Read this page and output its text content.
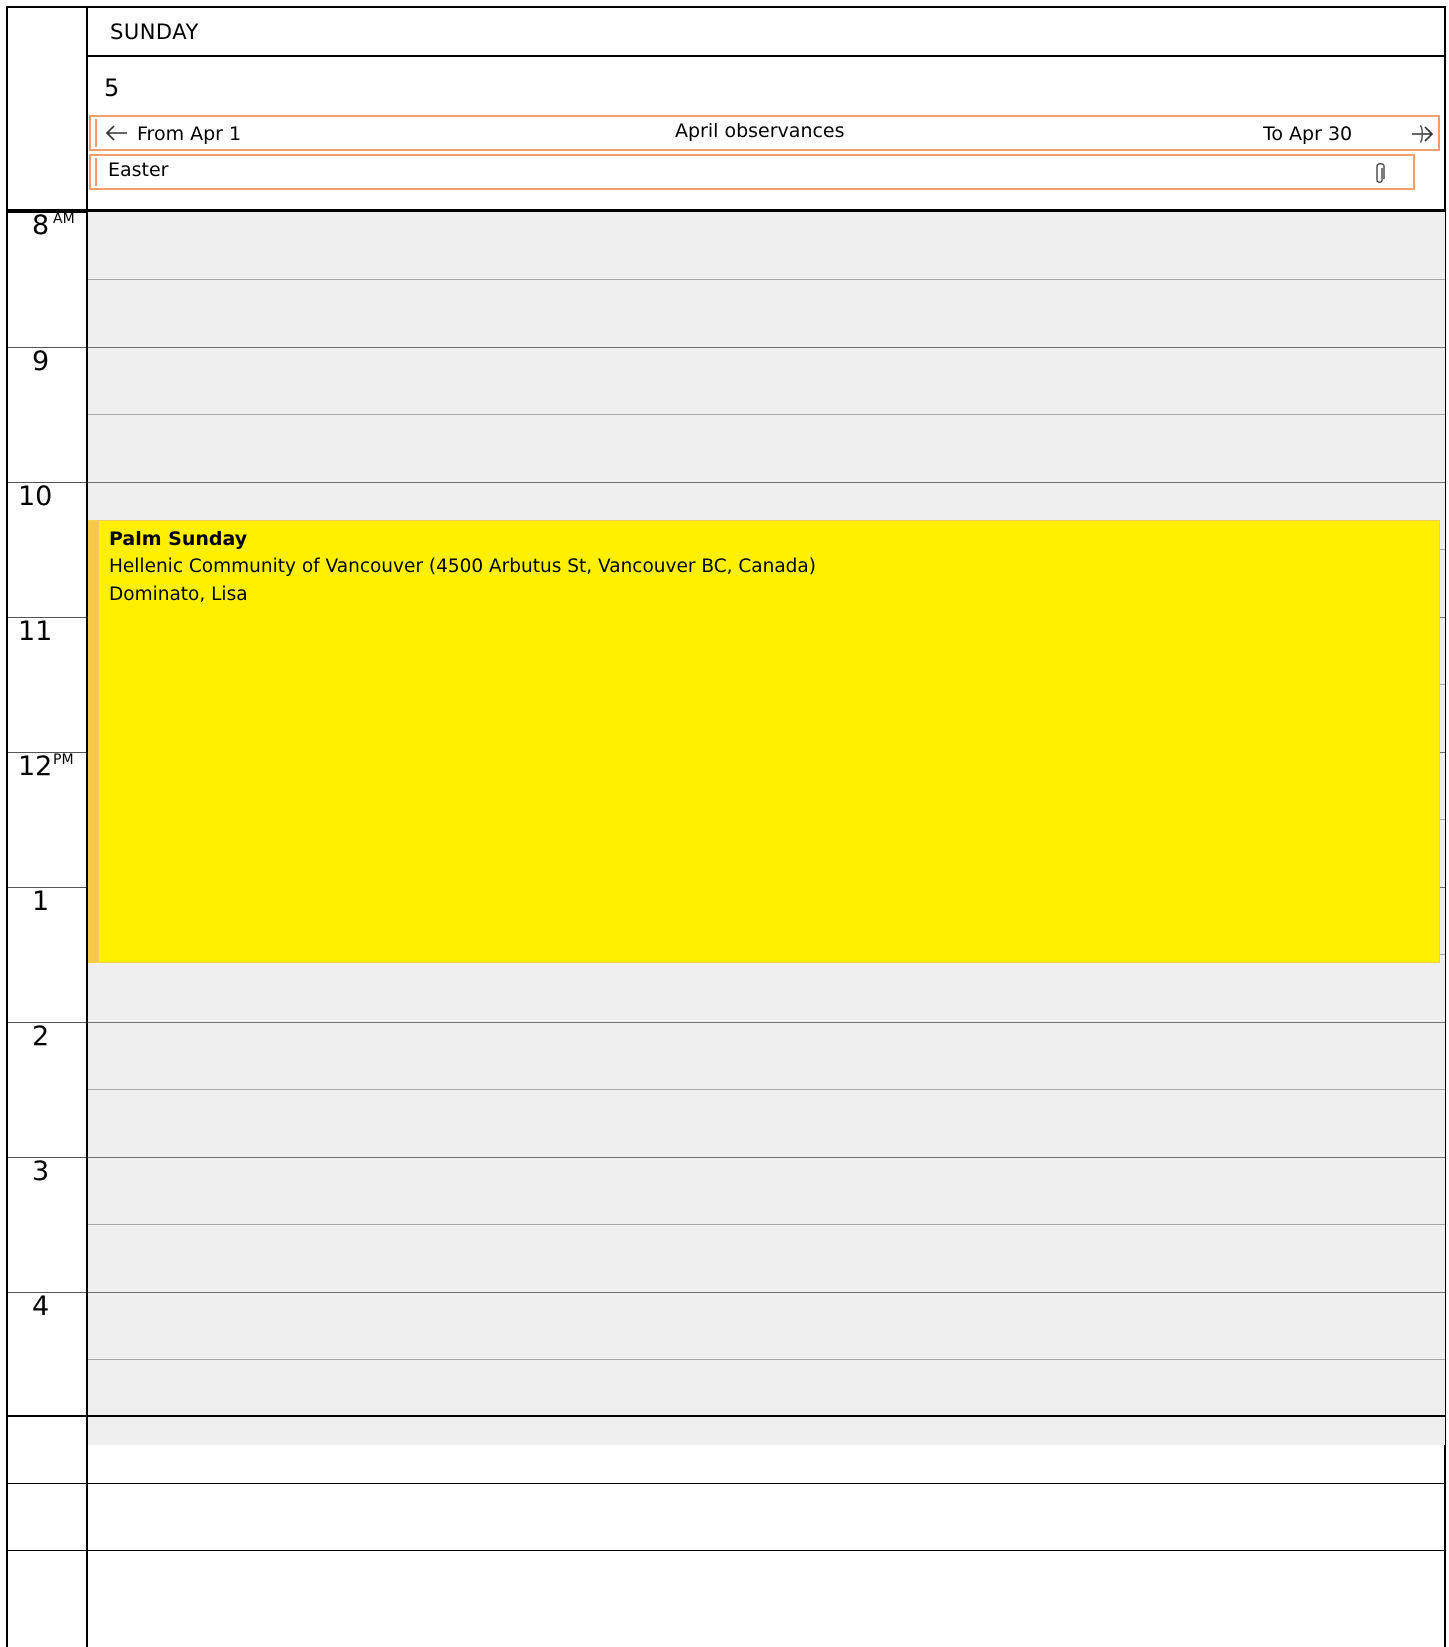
SUNDAY
5
From Apr 1	April observances	To Apr 30
Easter
8 AM
9
10
11
12 PM
1
2
3
4
Palm Sunday
Hellenic Community of Vancouver (4500 Arbutus St, Vancouver BC, Canada)
Dominato, Lisa
